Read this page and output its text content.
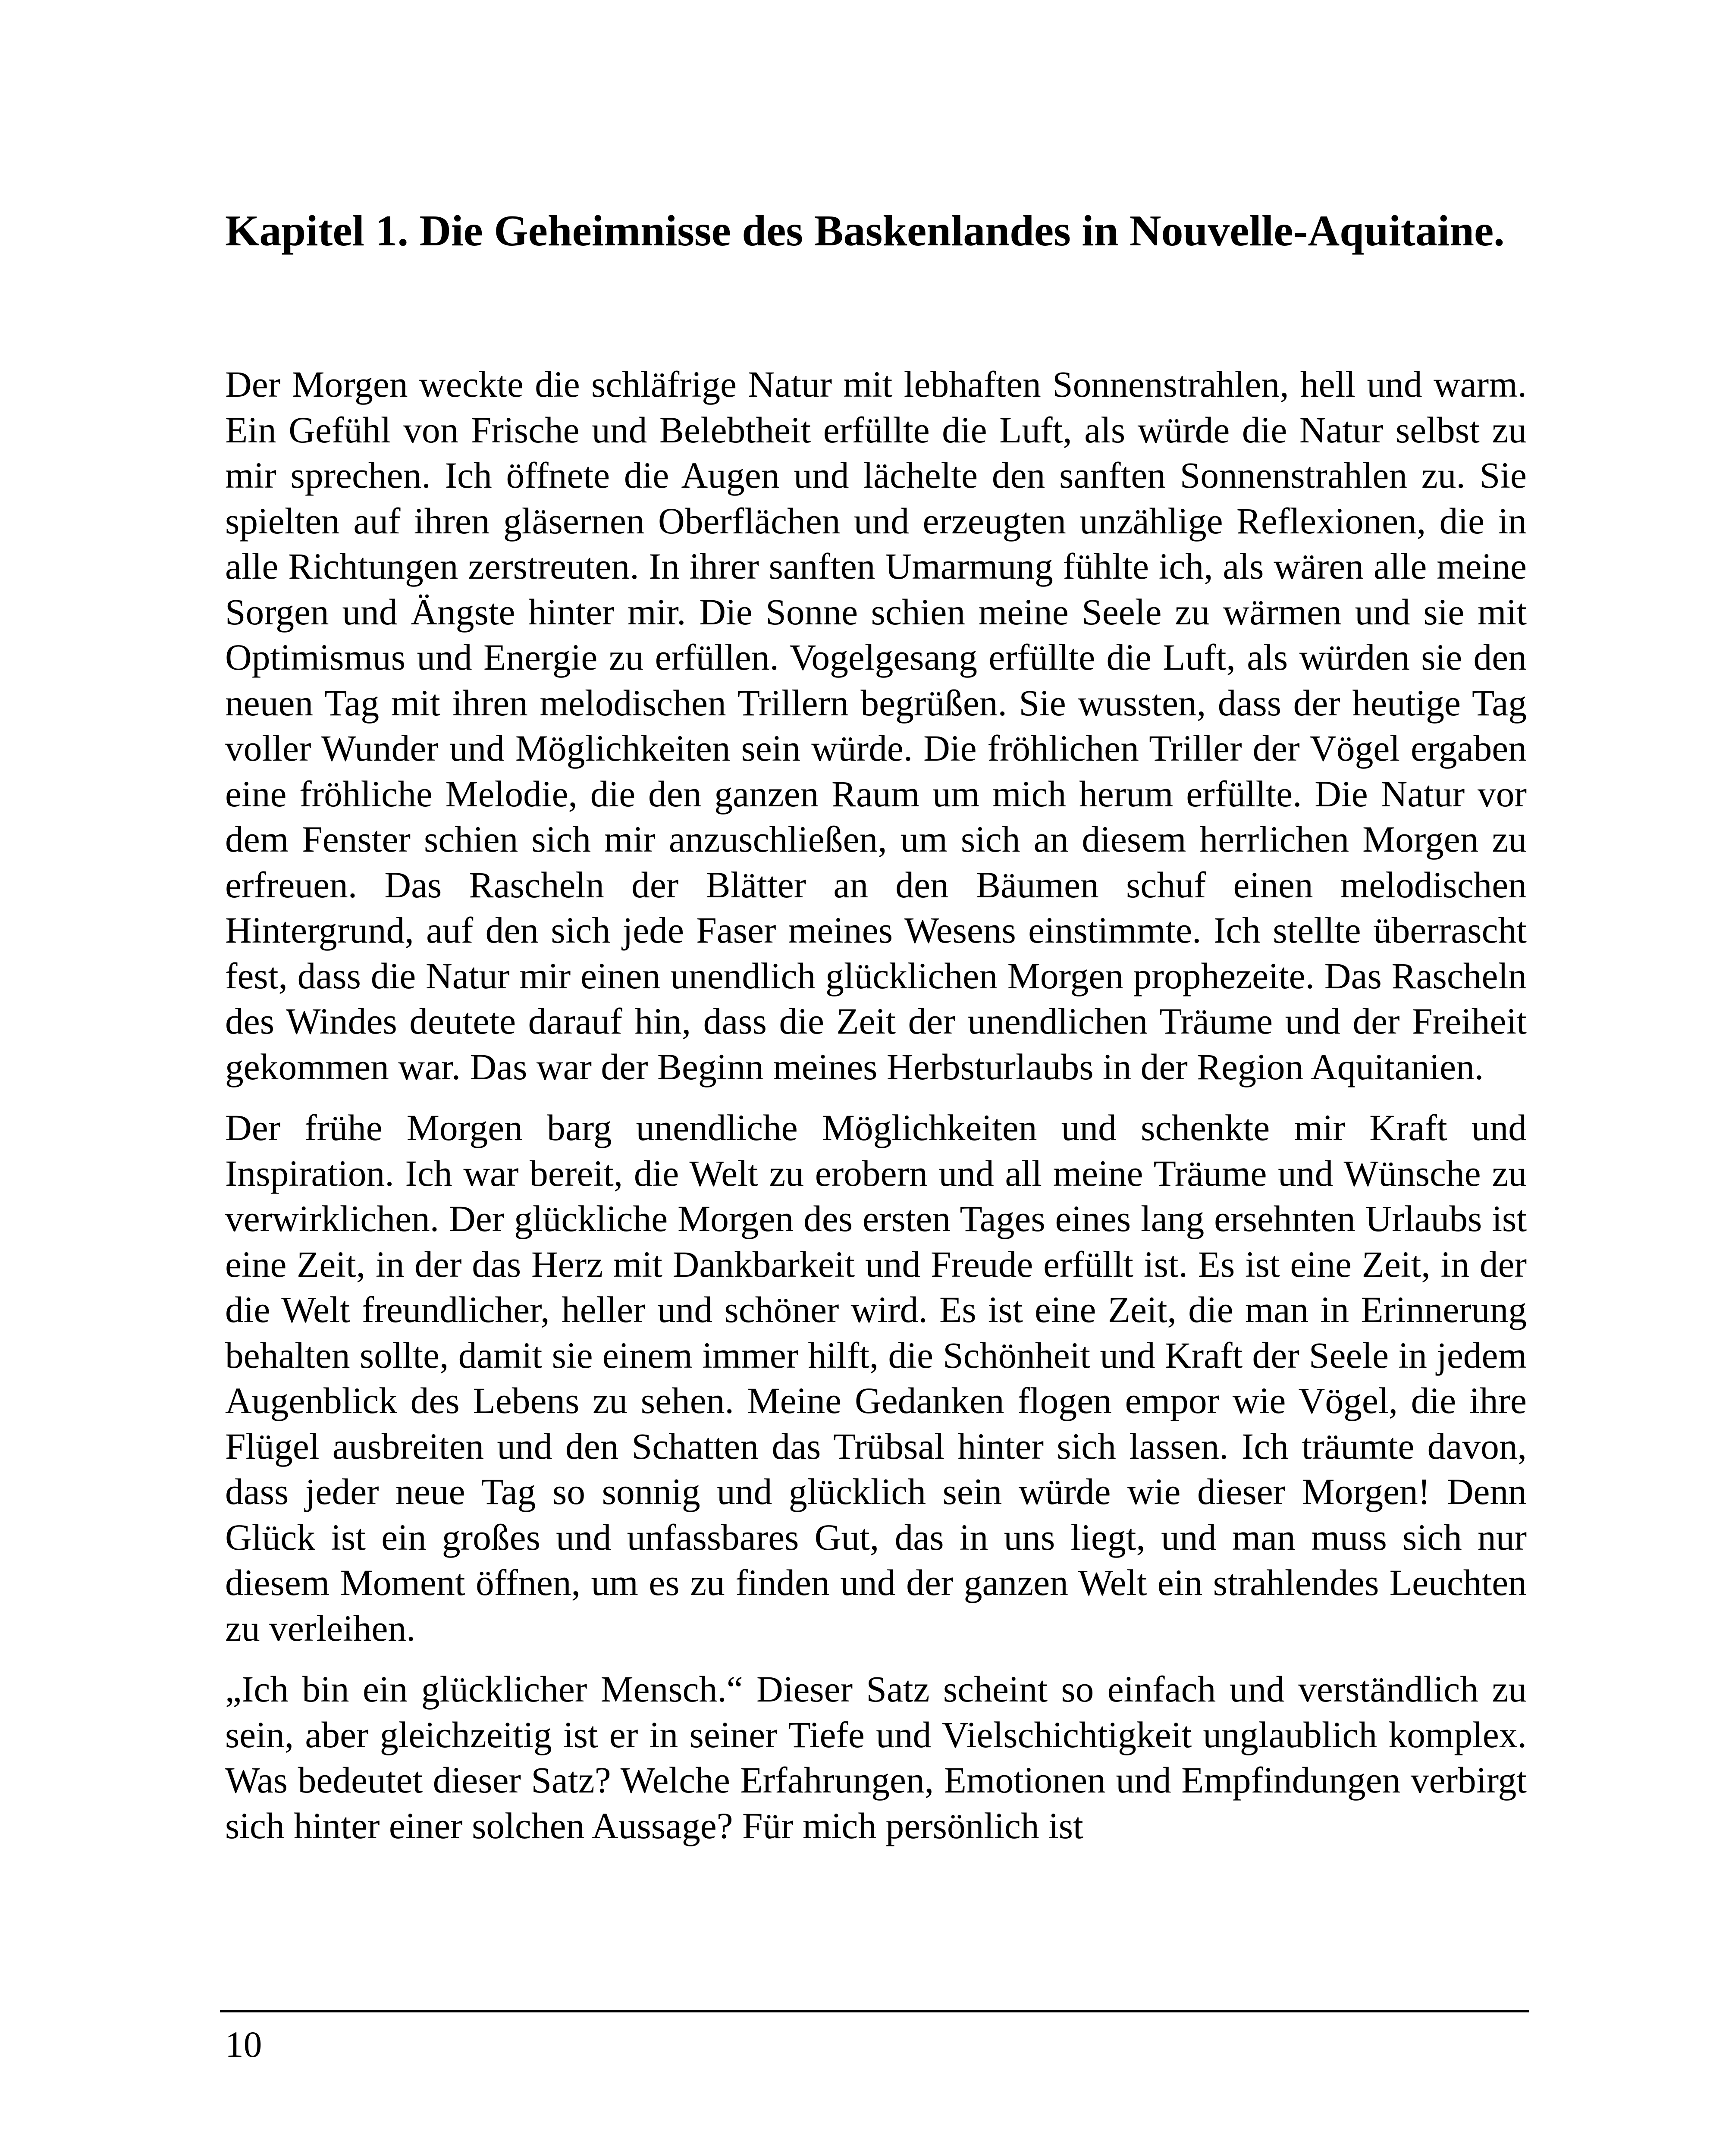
Kapitel 1. Die Geheimnisse des Baskenlandes in Nouvelle-Aquitaine.

Der Morgen weckte die schläfrige Natur mit lebhaften Sonnenstrahlen, hell und warm. Ein Gefühl von Frische und Belebtheit erfüllte die Luft, als würde die Natur selbst zu mir sprechen. Ich öffnete die Augen und lächelte den sanften Sonnenstrahlen zu. Sie spielten auf ihren gläsernen Oberflächen und erzeugten unzählige Reflexionen, die in alle Richtungen zerstreuten. In ihrer sanften Umarmung fühlte ich, als wären alle meine Sorgen und Ängste hinter mir. Die Sonne schien meine Seele zu wärmen und sie mit Optimismus und Energie zu erfüllen. Vogelgesang erfüllte die Luft, als würden sie den neuen Tag mit ihren melodischen Trillern begrüßen. Sie wussten, dass der heutige Tag voller Wunder und Möglichkeiten sein würde. Die fröhlichen Triller der Vögel ergaben eine fröhliche Melodie, die den ganzen Raum um mich herum erfüllte. Die Natur vor dem Fenster schien sich mir anzuschließen, um sich an diesem herrlichen Morgen zu erfreuen. Das Rascheln der Blätter an den Bäumen schuf einen melodischen Hintergrund, auf den sich jede Faser meines Wesens einstimmte. Ich stellte überrascht fest, dass die Natur mir einen unendlich glücklichen Morgen prophezeite. Das Rascheln des Windes deutete darauf hin, dass die Zeit der unendlichen Träume und der Freiheit gekommen war. Das war der Beginn meines Herbsturlaubs in der Region Aquitanien.

Der frühe Morgen barg unendliche Möglichkeiten und schenkte mir Kraft und Inspiration. Ich war bereit, die Welt zu erobern und all meine Träume und Wünsche zu verwirklichen. Der glückliche Morgen des ersten Tages eines lang ersehnten Urlaubs ist eine Zeit, in der das Herz mit Dankbarkeit und Freude erfüllt ist. Es ist eine Zeit, in der die Welt freundlicher, heller und schöner wird. Es ist eine Zeit, die man in Erinnerung behalten sollte, damit sie einem immer hilft, die Schönheit und Kraft der Seele in jedem Augenblick des Lebens zu sehen. Meine Gedanken flogen empor wie Vögel, die ihre Flügel ausbreiten und den Schatten das Trübsal hinter sich lassen. Ich träumte davon, dass jeder neue Tag so sonnig und glücklich sein würde wie dieser Morgen! Denn Glück ist ein großes und unfassbares Gut, das in uns liegt, und man muss sich nur diesem Moment öffnen, um es zu finden und der ganzen Welt ein strahlendes Leuchten zu verleihen.

„Ich bin ein glücklicher Mensch.“ Dieser Satz scheint so einfach und verständlich zu sein, aber gleichzeitig ist er in seiner Tiefe und Vielschichtigkeit unglaublich komplex. Was bedeutet dieser Satz? Welche Erfahrungen, Emotionen und Empfindungen verbirgt sich hinter einer solchen Aussage? Für mich persönlich ist

10
